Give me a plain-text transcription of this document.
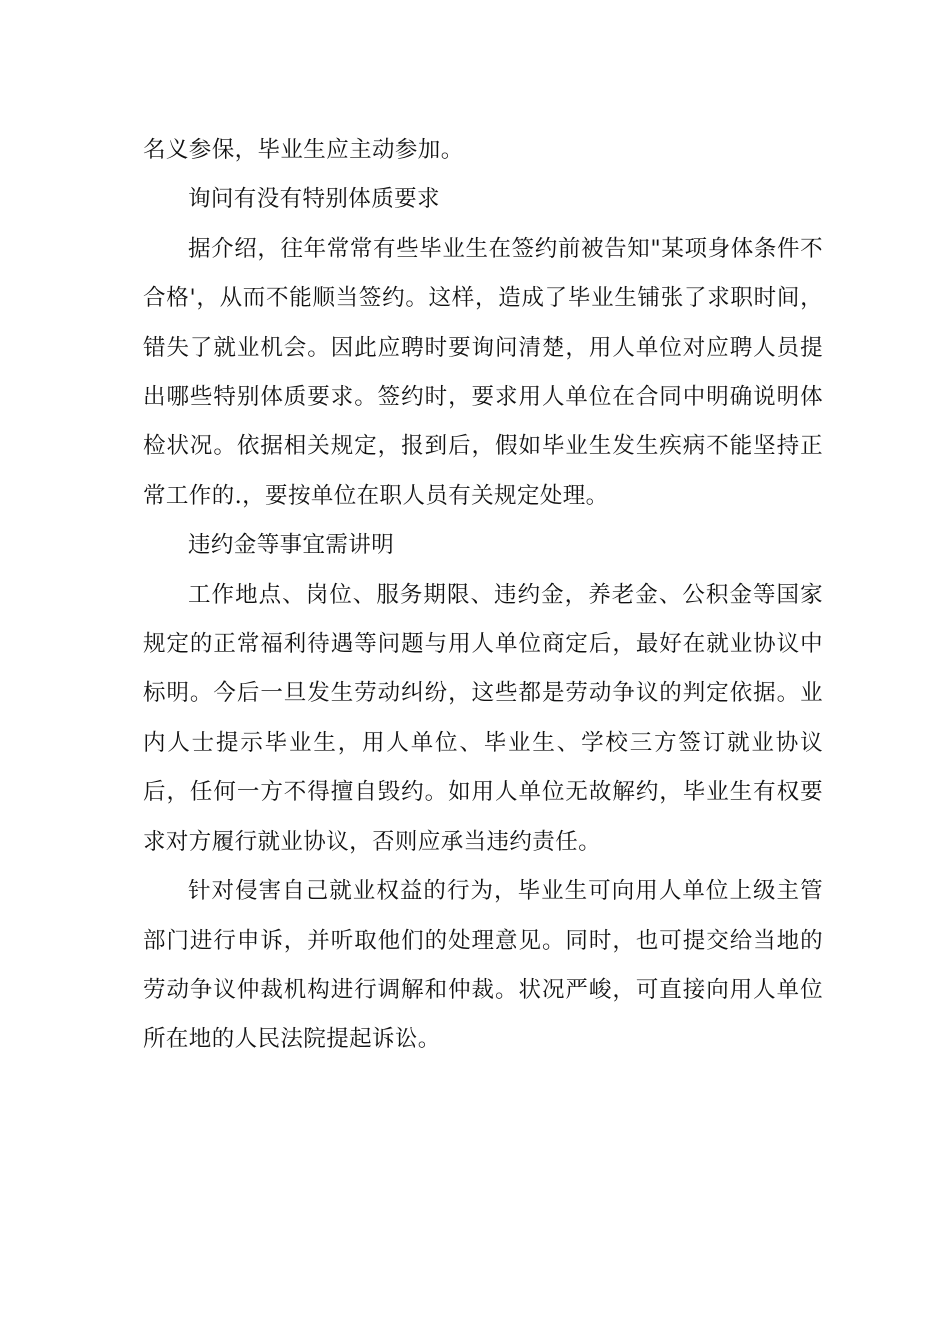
名义参保，毕业生应主动参加。

询问有没有特别体质要求

据介绍，往年常常有些毕业生在签约前被告知"某项身体条件不合格'，从而不能顺当签约。这样，造成了毕业生铺张了求职时间，错失了就业机会。因此应聘时要询问清楚，用人单位对应聘人员提出哪些特别体质要求。签约时，要求用人单位在合同中明确说明体检状况。依据相关规定，报到后，假如毕业生发生疾病不能坚持正常工作的.，要按单位在职人员有关规定处理。

违约金等事宜需讲明

工作地点、岗位、服务期限、违约金，养老金、公积金等国家规定的正常福利待遇等问题与用人单位商定后，最好在就业协议中标明。今后一旦发生劳动纠纷，这些都是劳动争议的判定依据。业内人士提示毕业生，用人单位、毕业生、学校三方签订就业协议后，任何一方不得擅自毁约。如用人单位无故解约，毕业生有权要求对方履行就业协议，否则应承当违约责任。

针对侵害自己就业权益的行为，毕业生可向用人单位上级主管部门进行申诉，并听取他们的处理意见。同时，也可提交给当地的劳动争议仲裁机构进行调解和仲裁。状况严峻，可直接向用人单位所在地的人民法院提起诉讼。
